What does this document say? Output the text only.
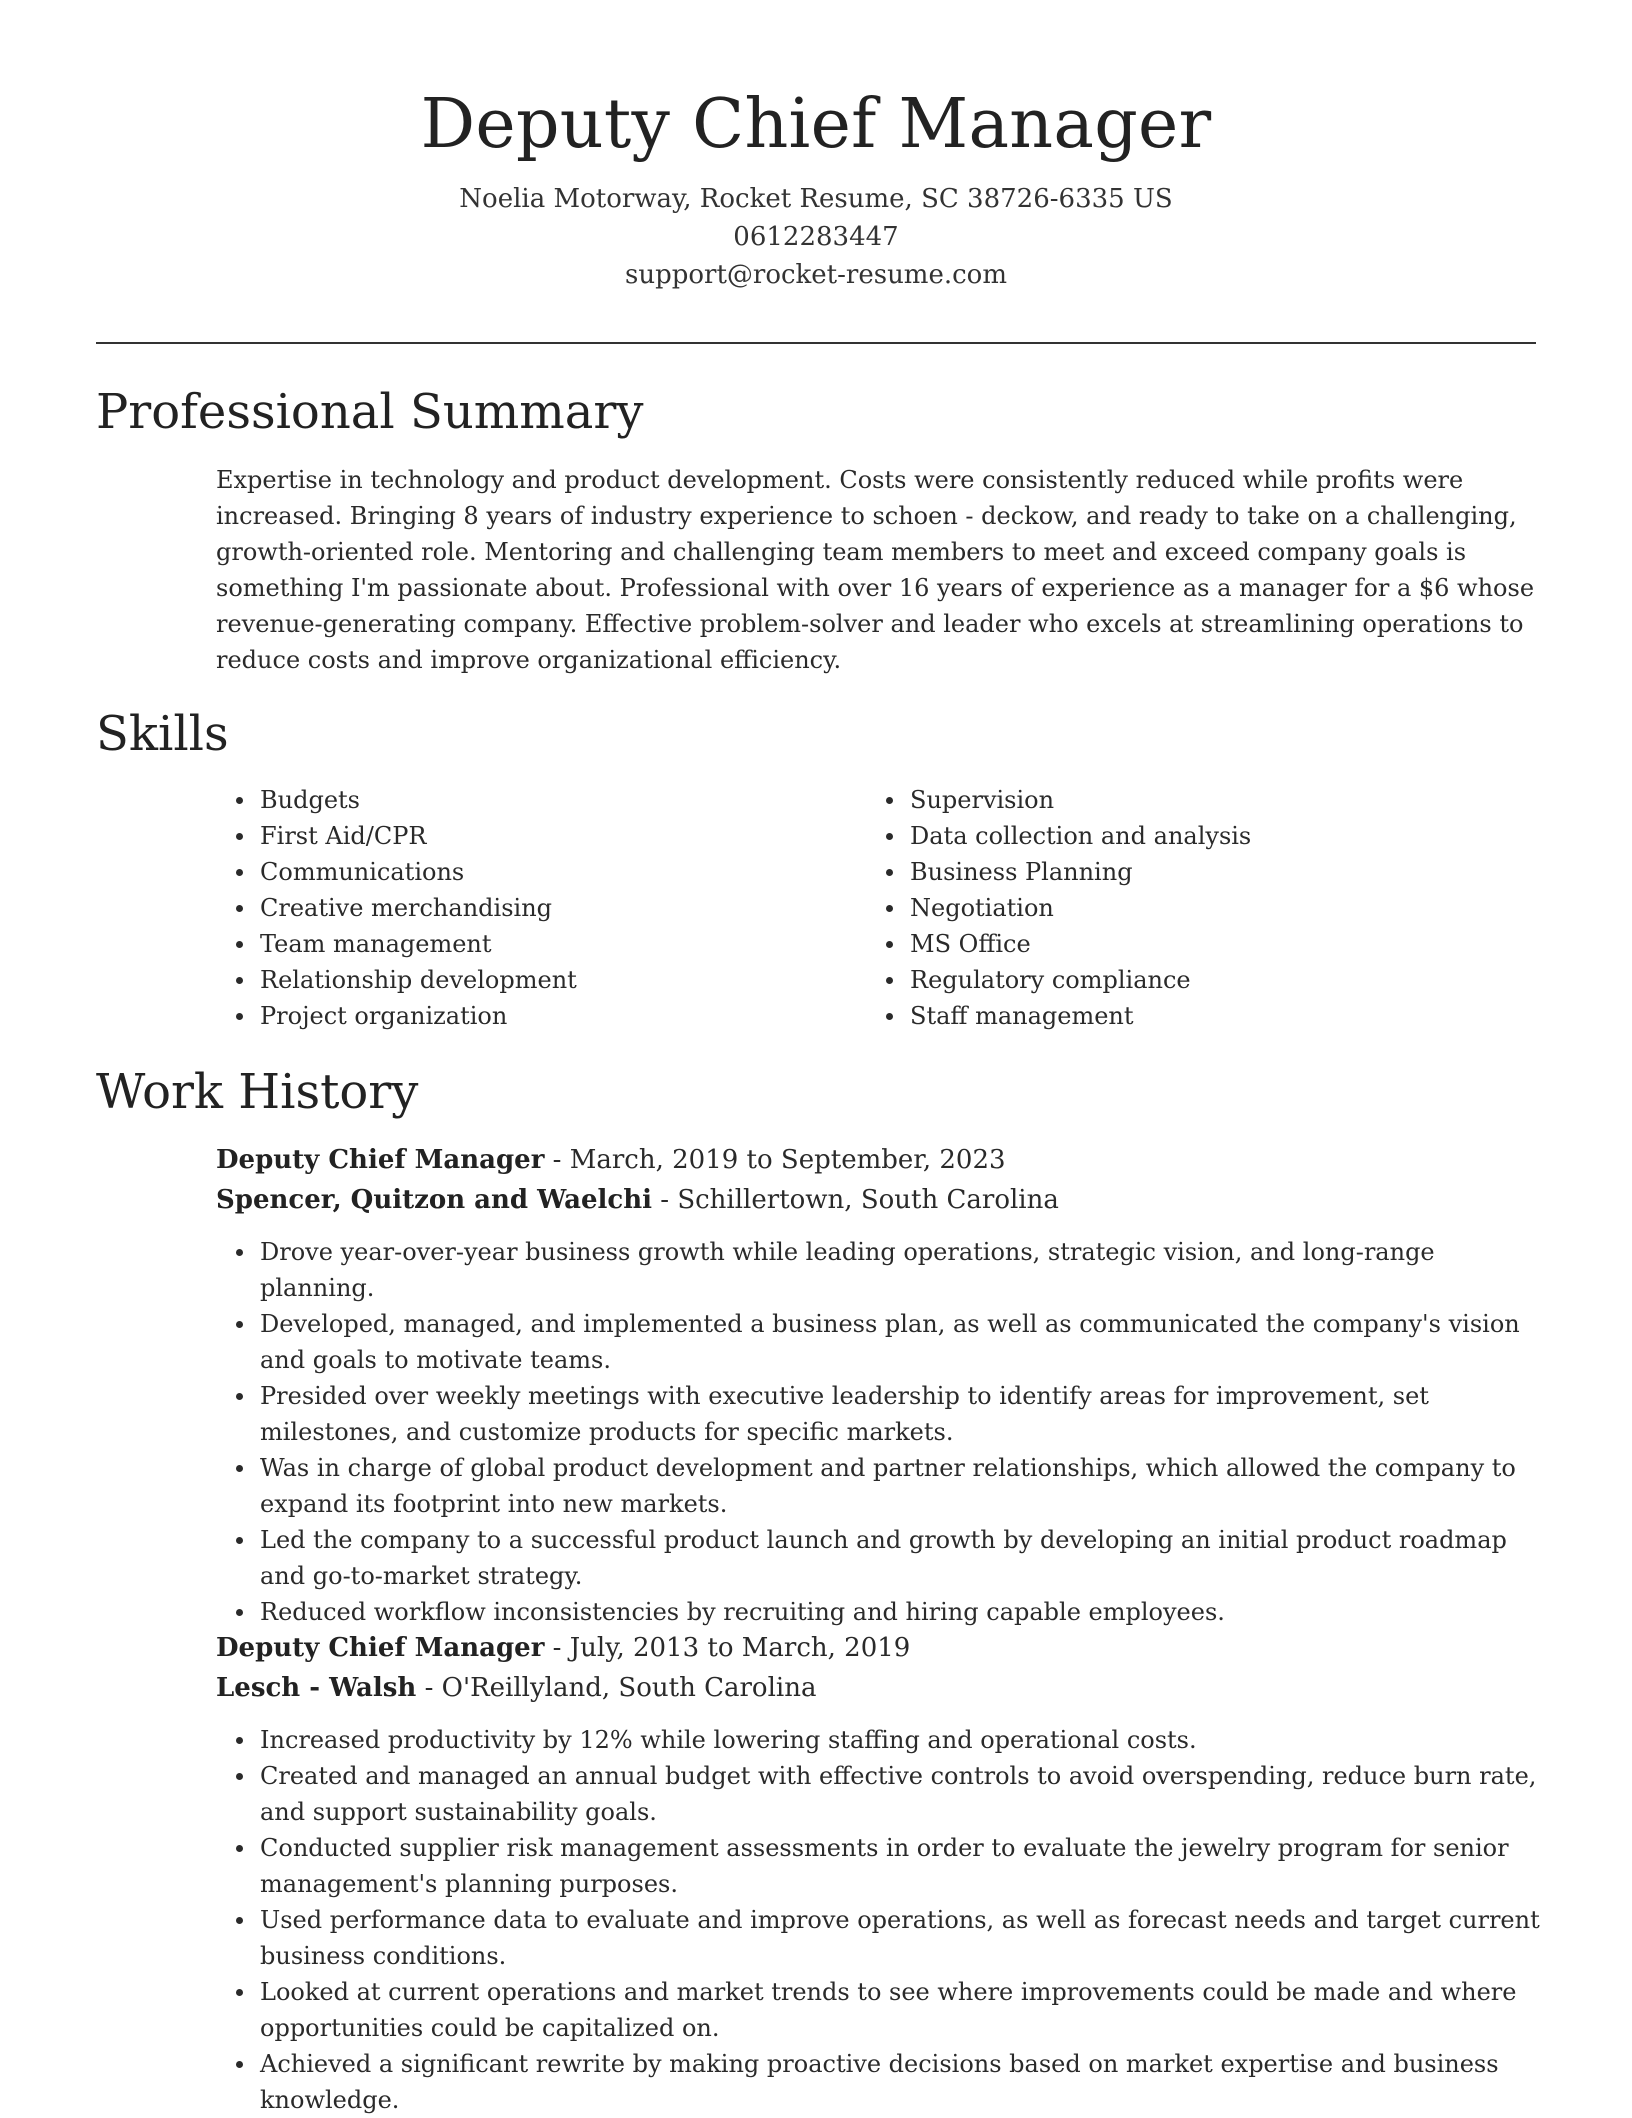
Deputy Chief Manager

Noelia Motorway, Rocket Resume, SC 38726-6335 US

0612283447

support@rocket-resume.com

Professional Summary

Expertise in technology and product development. Costs were consistently reduced while profits were increased. Bringing 8 years of industry experience to schoen - deckow, and ready to take on a challenging, growth-oriented role. Mentoring and challenging team members to meet and exceed company goals is something I'm passionate about. Professional with over 16 years of experience as a manager for a $6 whose revenue-generating company. Effective problem-solver and leader who excels at streamlining operations to reduce costs and improve organizational efficiency.

Skills
Budgets
First Aid/CPR
Communications
Creative merchandising
Team management
Relationship development
Project organization
Supervision
Data collection and analysis
Business Planning
Negotiation
MS Office
Regulatory compliance
Staff management
Work History
Deputy Chief Manager - March, 2019 to September, 2023
Spencer, Quitzon and Waelchi - Schillertown, South Carolina
Drove year-over-year business growth while leading operations, strategic vision, and long-range planning.
Developed, managed, and implemented a business plan, as well as communicated the company's vision and goals to motivate teams.
Presided over weekly meetings with executive leadership to identify areas for improvement, set milestones, and customize products for specific markets.
Was in charge of global product development and partner relationships, which allowed the company to expand its footprint into new markets.
Led the company to a successful product launch and growth by developing an initial product roadmap and go-to-market strategy.
Reduced workflow inconsistencies by recruiting and hiring capable employees.
Deputy Chief Manager - July, 2013 to March, 2019
Lesch - Walsh - O'Reillyland, South Carolina
Increased productivity by 12% while lowering staffing and operational costs.
Created and managed an annual budget with effective controls to avoid overspending, reduce burn rate, and support sustainability goals.
Conducted supplier risk management assessments in order to evaluate the jewelry program for senior management's planning purposes.
Used performance data to evaluate and improve operations, as well as forecast needs and target current business conditions.
Looked at current operations and market trends to see where improvements could be made and where opportunities could be capitalized on.
Achieved a significant rewrite by making proactive decisions based on market expertise and business knowledge.
